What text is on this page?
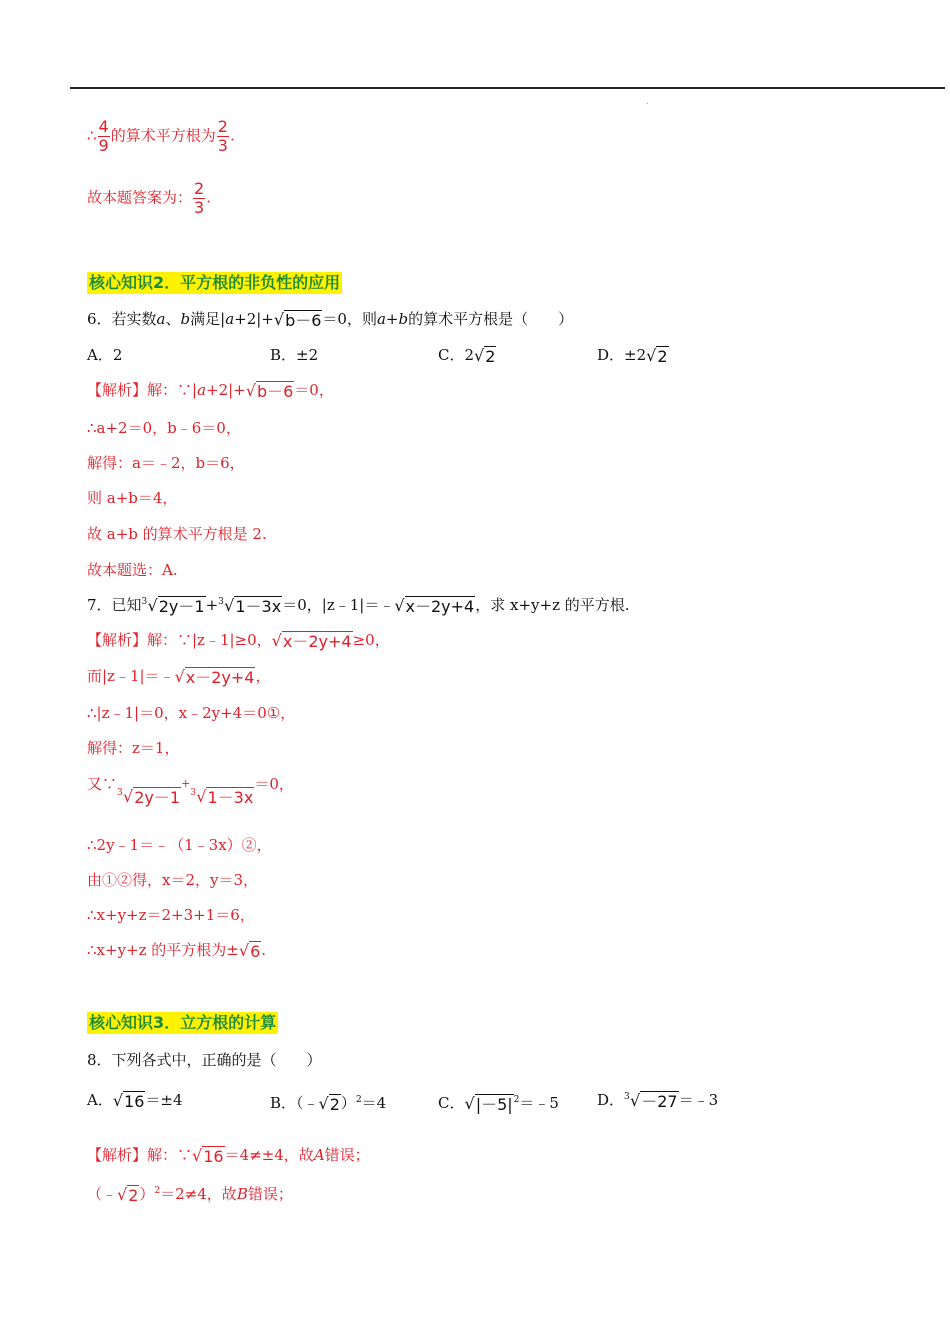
.
∴ $\frac{4}{9}$ 的算术平方根为 $\frac{2}{3}$ .
故本题答案为： $\frac{2}{3}$ .
核心知识2．平方根的非负性的应用
6．若实数a、b满足|a+2|+ √ b－6 ＝0，则a+b的算术平方根是（　　）
A．2	B．±2	C．2 √ 2	D．±2 √ 2
【解析】解：∵|a+2|+ √ b－6 ＝0，
∴a+2＝0，b﹣6＝0，
解得：a＝﹣2，b＝6，
则 a+b＝4，
故 a+b 的算术平方根是 2.
故本题选：A.
7．已知 3 √ 2y－1 + 3 √ 1－3x ＝0，|z﹣1|＝﹣ √ x－2y+4 ，求 x+y+z 的平方根.
【解析】解：∵|z﹣1|≥0， √ x－2y+4 ≥0，
而|z﹣1|＝﹣ √ x－2y+4 ，
∴|z﹣1|＝0，x﹣2y+4＝0①，
解得：z＝1，
又∵ 3 √ 2y－1
+
3 √ 1－3x
＝0，
∴2y﹣1＝﹣（1﹣3x）②，
由①②得，x＝2，y＝3，
∴x+y+z＝2+3+1＝6，
∴x+y+z 的平方根为± √ 6 .
核心知识3．立方根的计算
8．下列各式中，正确的是（　　）
A． √ 16 ＝±4	B．（﹣ √ 2 ）$^2$＝4	C． √ |－5| $^2$＝﹣5	D． 3 √ －27 ＝﹣3
【解析】解：∵ √ 16 ＝4≠±4，故A错误；
（﹣ √ 2 ）$^2$＝2≠4，故B错误；
